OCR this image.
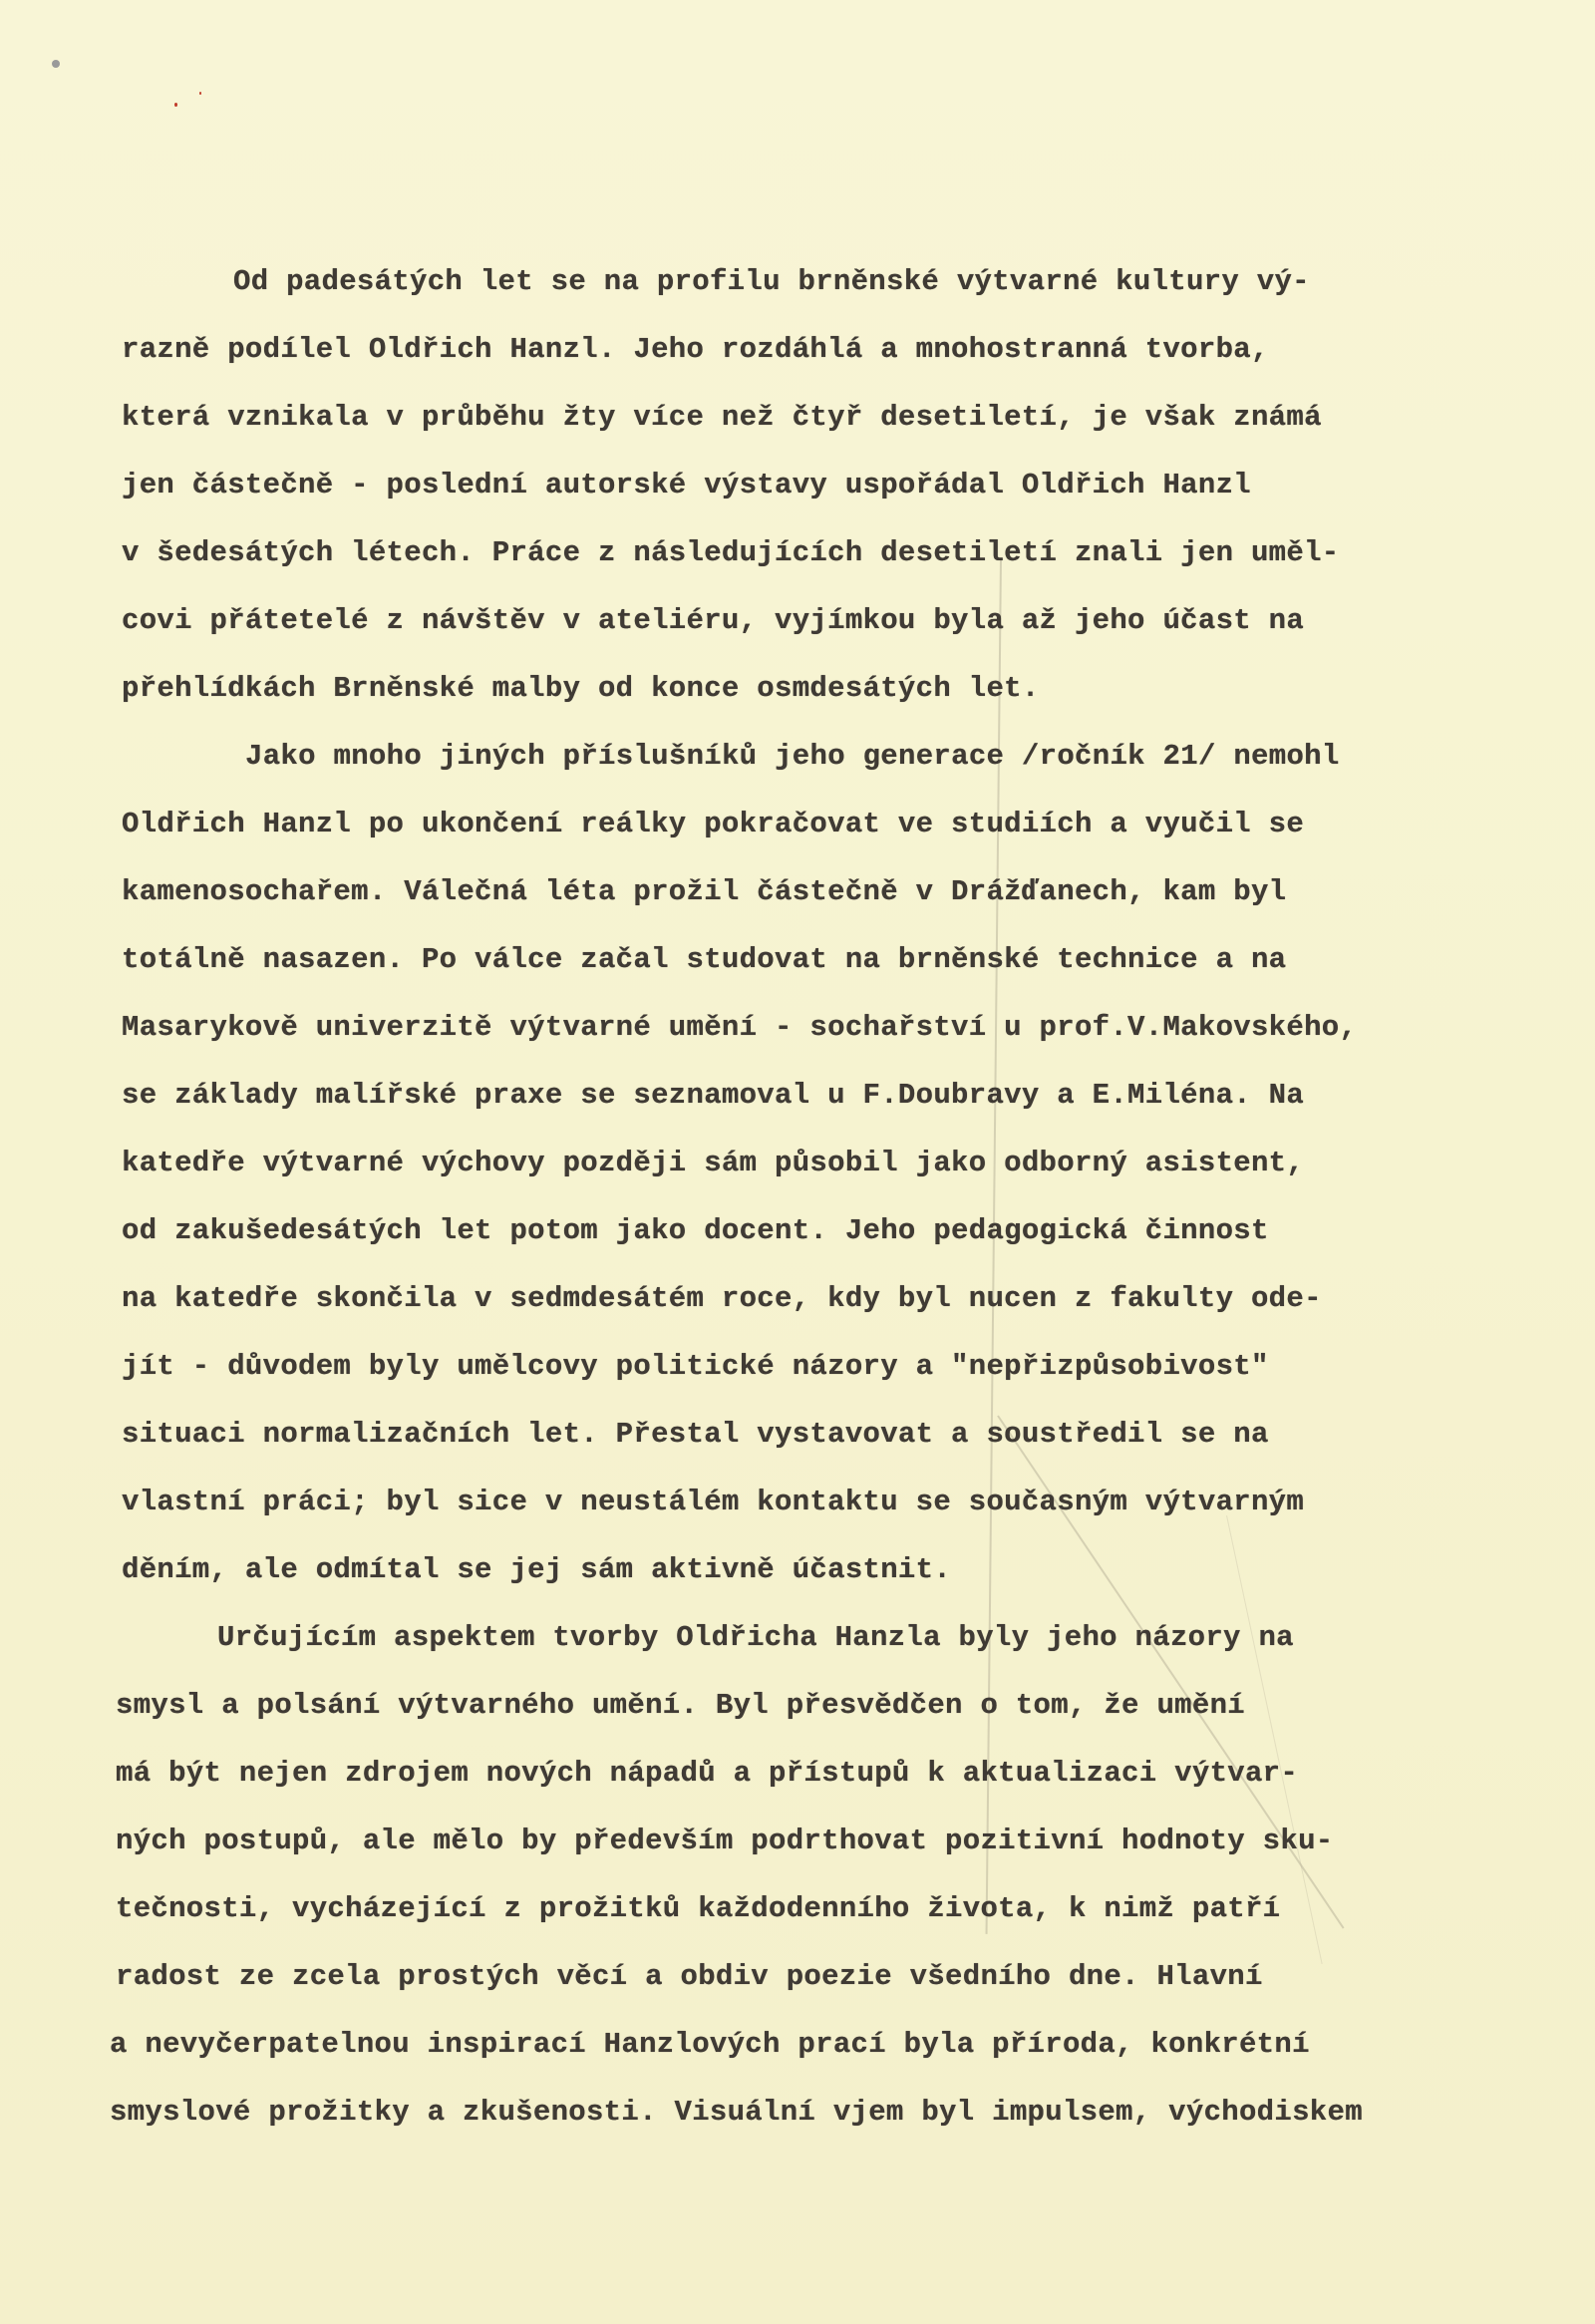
Od padesátých let se na profilu brněnské výtvarné kultury vý-
razně podílel Oldřich Hanzl. Jeho rozdáhlá a mnohostranná tvorba,
která vznikala v průběhu žty více než čtyř desetiletí, je však známá
jen částečně - poslední autorské výstavy uspořádal Oldřich Hanzl
v šedesátých létech. Práce z následujících desetiletí znali jen uměl-
covi přátetelé z návštěv v ateliéru, vyjímkou byla až jeho účast na
přehlídkách Brněnské malby od konce osmdesátých let.
Jako mnoho jiných příslušníků jeho generace /ročník 21/ nemohl
Oldřich Hanzl po ukončení reálky pokračovat ve studiích a vyučil se
kamenosochařem. Válečná léta prožil částečně v Drážďanech, kam byl
totálně nasazen. Po válce začal studovat na brněnské technice a na
Masarykově univerzitě výtvarné umění - sochařství u prof.V.Makovského,
se základy malířské praxe se seznamoval u F.Doubravy a E.Miléna. Na
katedře výtvarné výchovy později sám působil jako odborný asistent,
od zakušedesátých let potom jako docent. Jeho pedagogická činnost
na katedře skončila v sedmdesátém roce, kdy byl nucen z fakulty ode-
jít - důvodem byly umělcovy politické názory a "nepřizpůsobivost"
situaci normalizačních let. Přestal vystavovat a soustředil se na
vlastní práci; byl sice v neustálém kontaktu se současným výtvarným
děním, ale odmítal se jej sám aktivně účastnit.
Určujícím aspektem tvorby Oldřicha Hanzla byly jeho názory na
smysl a polsání výtvarného umění. Byl přesvědčen o tom, že umění
má být nejen zdrojem nových nápadů a přístupů k aktualizaci výtvar-
ných postupů, ale mělo by především podrthovat pozitivní hodnoty sku-
tečnosti, vycházející z prožitků každodenního života, k nimž patří
radost ze zcela prostých věcí a obdiv poezie všedního dne. Hlavní
a nevyčerpatelnou inspirací Hanzlových prací byla příroda, konkrétní
smyslové prožitky a zkušenosti. Visuální vjem byl impulsem, východiskem
